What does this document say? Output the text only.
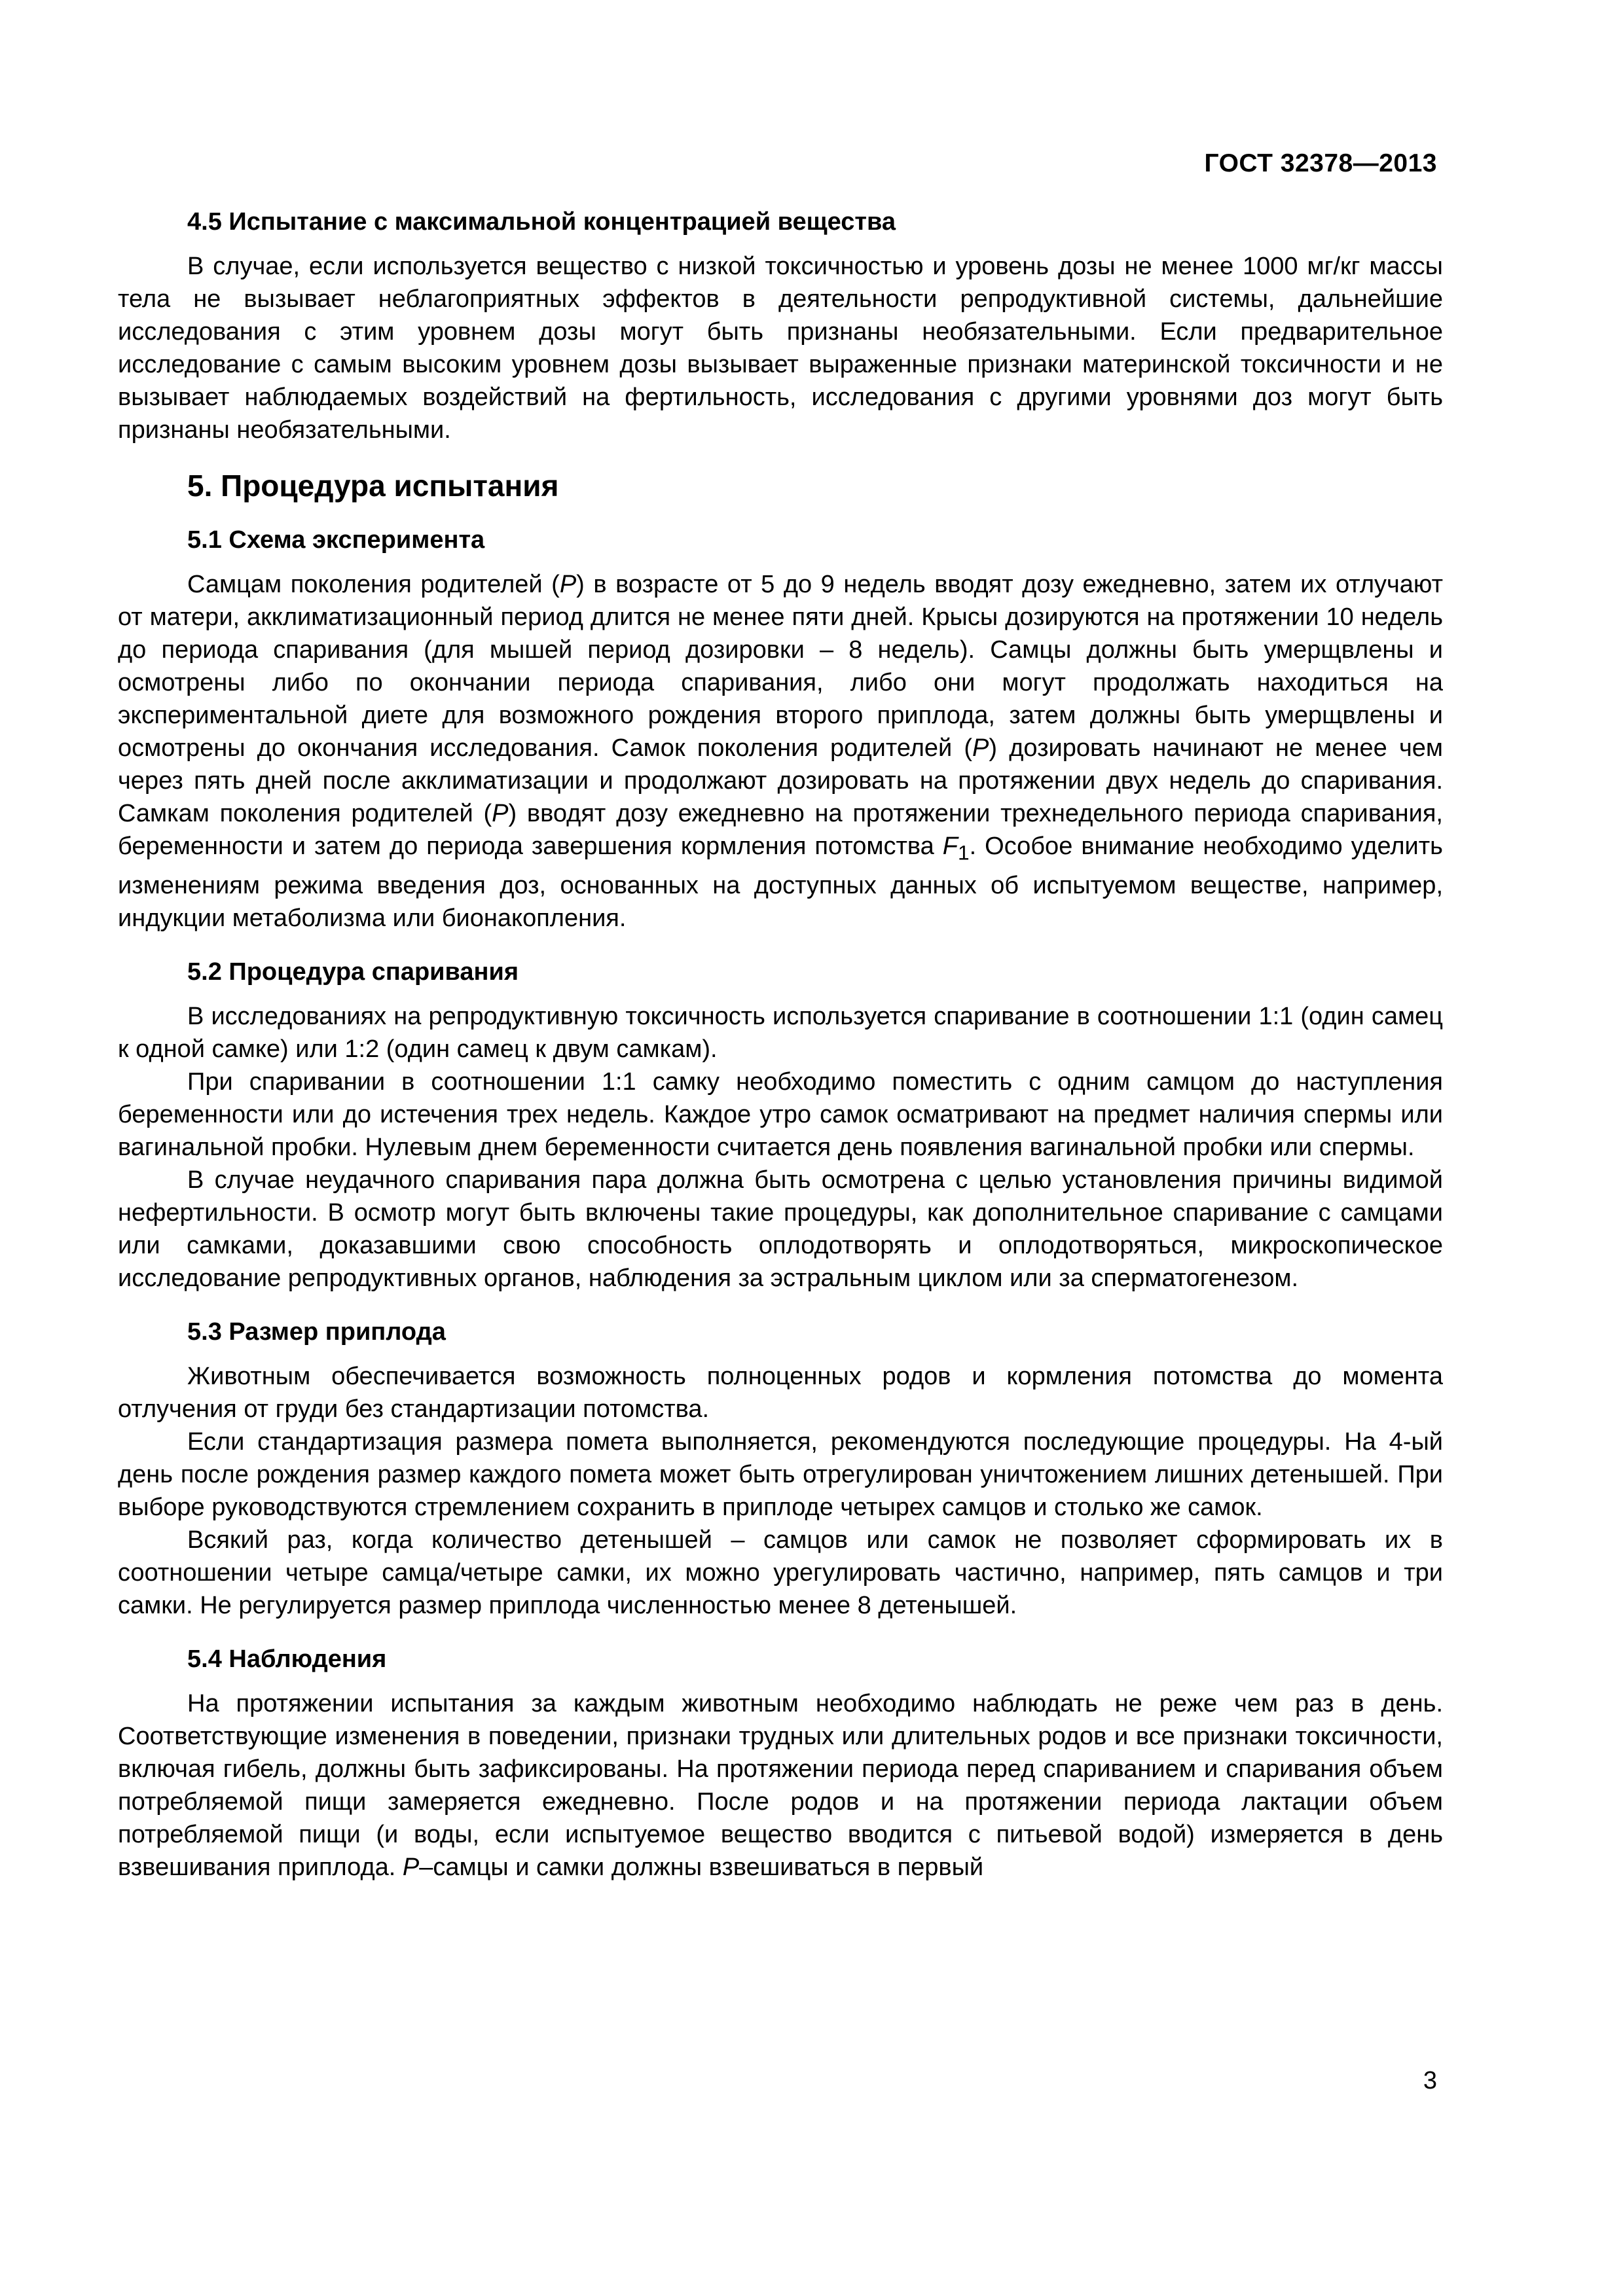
ГОСТ 32378—2013
4.5 Испытание с максимальной концентрацией вещества

В случае, если используется вещество с низкой токсичностью и уровень дозы не менее 1000 мг/кг массы тела не вызывает неблагоприятных эффектов в деятельности репродуктивной системы, дальнейшие исследования с этим уровнем дозы могут быть признаны необязательными. Если предварительное исследование с самым высоким уровнем дозы вызывает выраженные признаки материнской токсичности и не вызывает наблюдаемых воздействий на фертильность, исследования с другими уровнями доз могут быть признаны необязательными.

5. Процедура испытания
5.1 Схема эксперимента

Самцам поколения родителей (P) в возрасте от 5 до 9 недель вводят дозу ежедневно, затем их отлучают от матери, акклиматизационный период длится не менее пяти дней. Крысы дозируются на протяжении 10 недель до периода спаривания (для мышей период дозировки – 8 недель). Самцы должны быть умерщвлены и осмотрены либо по окончании периода спаривания, либо они могут продолжать находиться на экспериментальной диете для возможного рождения второго приплода, затем должны быть умерщвлены и осмотрены до окончания исследования. Самок поколения родителей (P) дозировать начинают не менее чем через пять дней после акклиматизации и продолжают дозировать на протяжении двух недель до спаривания. Самкам поколения родителей (P) вводят дозу ежедневно на протяжении трехнедельного периода спаривания, беременности и затем до периода завершения кормления потомства $F_1$. Особое внимание необходимо уделить изменениям режима введения доз, основанных на доступных данных об испытуемом веществе, например, индукции метаболизма или бионакопления.

5.2 Процедура спаривания

В исследованиях на репродуктивную токсичность используется спаривание в соотношении 1:1 (один самец к одной самке) или 1:2 (один самец к двум самкам).

При спаривании в соотношении 1:1 самку необходимо поместить с одним самцом до наступления беременности или до истечения трех недель. Каждое утро самок осматривают на предмет наличия спермы или вагинальной пробки. Нулевым днем беременности считается день появления вагинальной пробки или спермы.

В случае неудачного спаривания пара должна быть осмотрена с целью установления причины видимой нефертильности. В осмотр могут быть включены такие процедуры, как дополнительное спаривание с самцами или самками, доказавшими свою способность оплодотворять и оплодотворяться, микроскопическое исследование репродуктивных органов, наблюдения за эстральным циклом или за сперматогенезом.

5.3 Размер приплода

Животным обеспечивается возможность полноценных родов и кормления потомства до момента отлучения от груди без стандартизации потомства.

Если стандартизация размера помета выполняется, рекомендуются последующие процедуры. На 4-ый день после рождения размер каждого помета может быть отрегулирован уничтожением лишних детенышей. При выборе руководствуются стремлением сохранить в приплоде четырех самцов и столько же самок.

Всякий раз, когда количество детенышей – самцов или самок не позволяет сформировать их в соотношении четыре самца/четыре самки, их можно урегулировать частично, например, пять самцов и три самки. Не регулируется размер приплода численностью менее 8 детенышей.

5.4 Наблюдения

На протяжении испытания за каждым животным необходимо наблюдать не реже чем раз в день. Соответствующие изменения в поведении, признаки трудных или длительных родов и все признаки токсичности, включая гибель, должны быть зафиксированы. На протяжении периода перед спариванием и спаривания объем потребляемой пищи замеряется ежедневно. После родов и на протяжении периода лактации объем потребляемой пищи (и воды, если испытуемое вещество вводится с питьевой водой) измеряется в день взвешивания приплода. P–самцы и самки должны взвешиваться в первый

3
